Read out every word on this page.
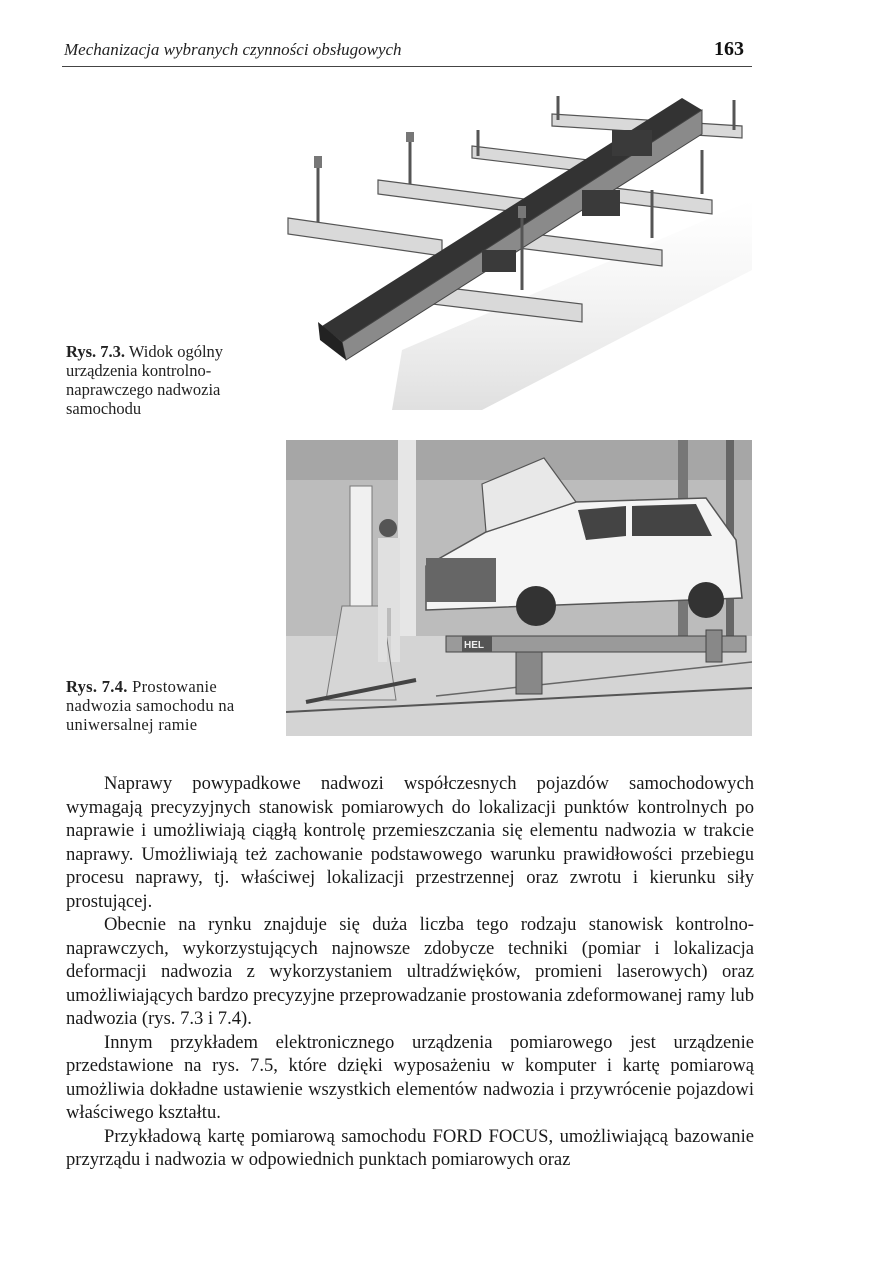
Mechanizacja wybranych czynności obsługowych	163
Rys. 7.3. Widok ogólny urządzenia kontrolno-naprawczego nadwozia samochodu
HEL
Rys. 7.4. Prostowanie nadwozia samochodu na uniwersalnej ramie

Naprawy powypadkowe nadwozi współczesnych pojazdów samochodowych wymagają precyzyjnych stanowisk pomiarowych do lokalizacji punktów kontrolnych po naprawie i umożliwiają ciągłą kontrolę przemieszczania się elementu nadwozia w trakcie naprawy. Umożliwiają też zachowanie podstawowego warunku prawidłowości przebiegu procesu naprawy, tj. właściwej lokalizacji przestrzennej oraz zwrotu i kierunku siły prostującej.

Obecnie na rynku znajduje się duża liczba tego rodzaju stanowisk kontrolno-naprawczych, wykorzystujących najnowsze zdobycze techniki (pomiar i lokalizacja deformacji nadwozia z wykorzystaniem ultradźwięków, promieni laserowych) oraz umożliwiających bardzo precyzyjne przeprowadzanie prostowania zdeformowanej ramy lub nadwozia (rys. 7.3 i 7.4).

Innym przykładem elektronicznego urządzenia pomiarowego jest urządzenie przedstawione na rys. 7.5, które dzięki wyposażeniu w komputer i kartę pomiarową umożliwia dokładne ustawienie wszystkich elementów nadwozia i przywrócenie pojazdowi właściwego kształtu.

Przykładową kartę pomiarową samochodu FORD FOCUS, umożliwiającą bazowanie przyrządu i nadwozia w odpowiednich punktach pomiarowych oraz
